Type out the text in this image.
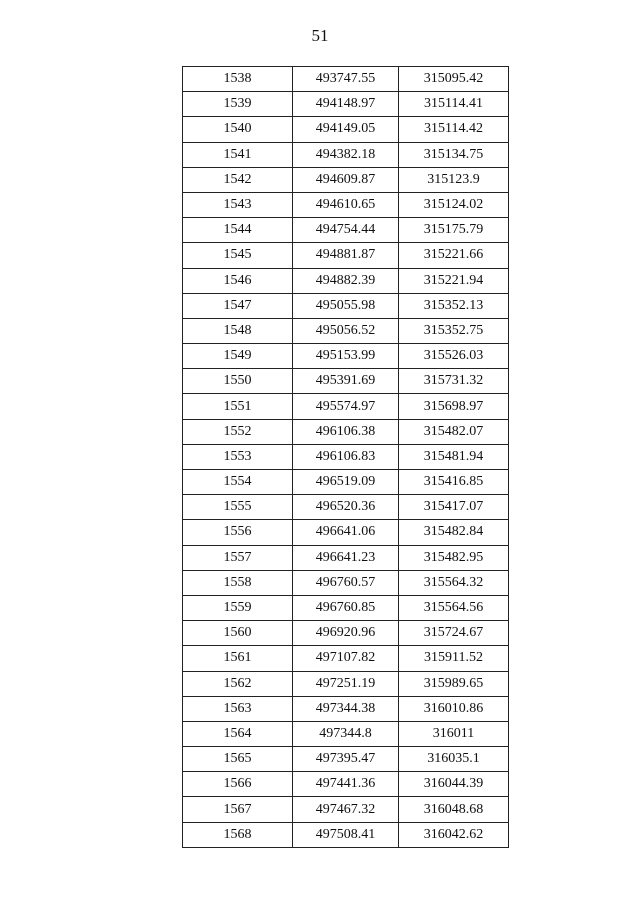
51
1538	493747.55	315095.42
1539	494148.97	315114.41
1540	494149.05	315114.42
1541	494382.18	315134.75
1542	494609.87	315123.9
1543	494610.65	315124.02
1544	494754.44	315175.79
1545	494881.87	315221.66
1546	494882.39	315221.94
1547	495055.98	315352.13
1548	495056.52	315352.75
1549	495153.99	315526.03
1550	495391.69	315731.32
1551	495574.97	315698.97
1552	496106.38	315482.07
1553	496106.83	315481.94
1554	496519.09	315416.85
1555	496520.36	315417.07
1556	496641.06	315482.84
1557	496641.23	315482.95
1558	496760.57	315564.32
1559	496760.85	315564.56
1560	496920.96	315724.67
1561	497107.82	315911.52
1562	497251.19	315989.65
1563	497344.38	316010.86
1564	497344.8	316011
1565	497395.47	316035.1
1566	497441.36	316044.39
1567	497467.32	316048.68
1568	497508.41	316042.62
